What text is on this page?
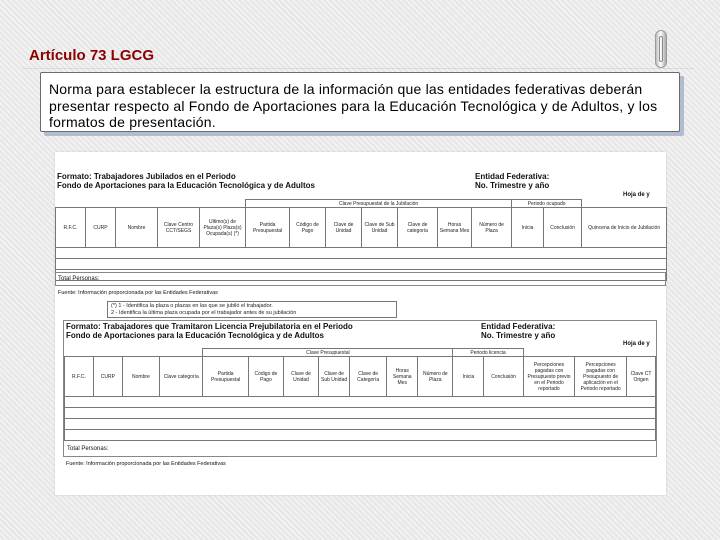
Artículo 73 LGCG
Norma para establecer la estructura de la información que las entidades federativas deberán presentar respecto al Fondo de Aportaciones para la Educación Tecnológica y de Adultos, y los formatos de presentación.
Formato: Trabajadores Jubilados en el Periodo
Fondo de Aportaciones para la Educación Tecnológica y de Adultos
Entidad Federativa:
No. Trimestre y año
Hoja de y
					Clave Presupuestal de la Jubilación							Periodo ocupado		
R.F.C.	CURP	Nombre	Clave Centro CCT/SEGS	Ultimo(s) de Plaza(s) Plaza(s) Ocupada(s) (*)	Partida Presupuestal	Código de Pago	Clave de Unidad	Clave de Sub Unidad	Clave de categoría	Horas Semana Mes	Número de Plaza	Inicia	Conclusión	Quincena de Inicio de Jubilación

Total Personas:
Fuente: Información proporcionada por las Entidades Federativas
(*) 1 - Identifica la plaza o plazas en las que se jubiló el trabajador.
2 - Identifica la última plaza ocupada por el trabajador antes de su jubilación
Formato: Trabajadores que Tramitaron Licencia Prejubilatoria en el Periodo
Fondo de Aportaciones para la Educación Tecnológica y de Adultos
Entidad Federativa:
No. Trimestre y año
Hoja de y
				Clave Presupuestal							Periodo licencia				
R.F.C.	CURP	Nombre	Clave categoría	Partida Presupuestal	Código de Pago	Clave de Unidad	Clave de Sub Unidad	Clave de Categoría	Horas Semana Mes	Número de Plaza	Inicia	Conclusión	Percepciones pagadas con Presupuesto previo en el Periodo reportado	Percepciones pagadas con Presupuesto de aplicación en el Periodo reportado	Clave CT Origen

Total Personas:
Fuente: Información proporcionada por las Entidades Federativas
